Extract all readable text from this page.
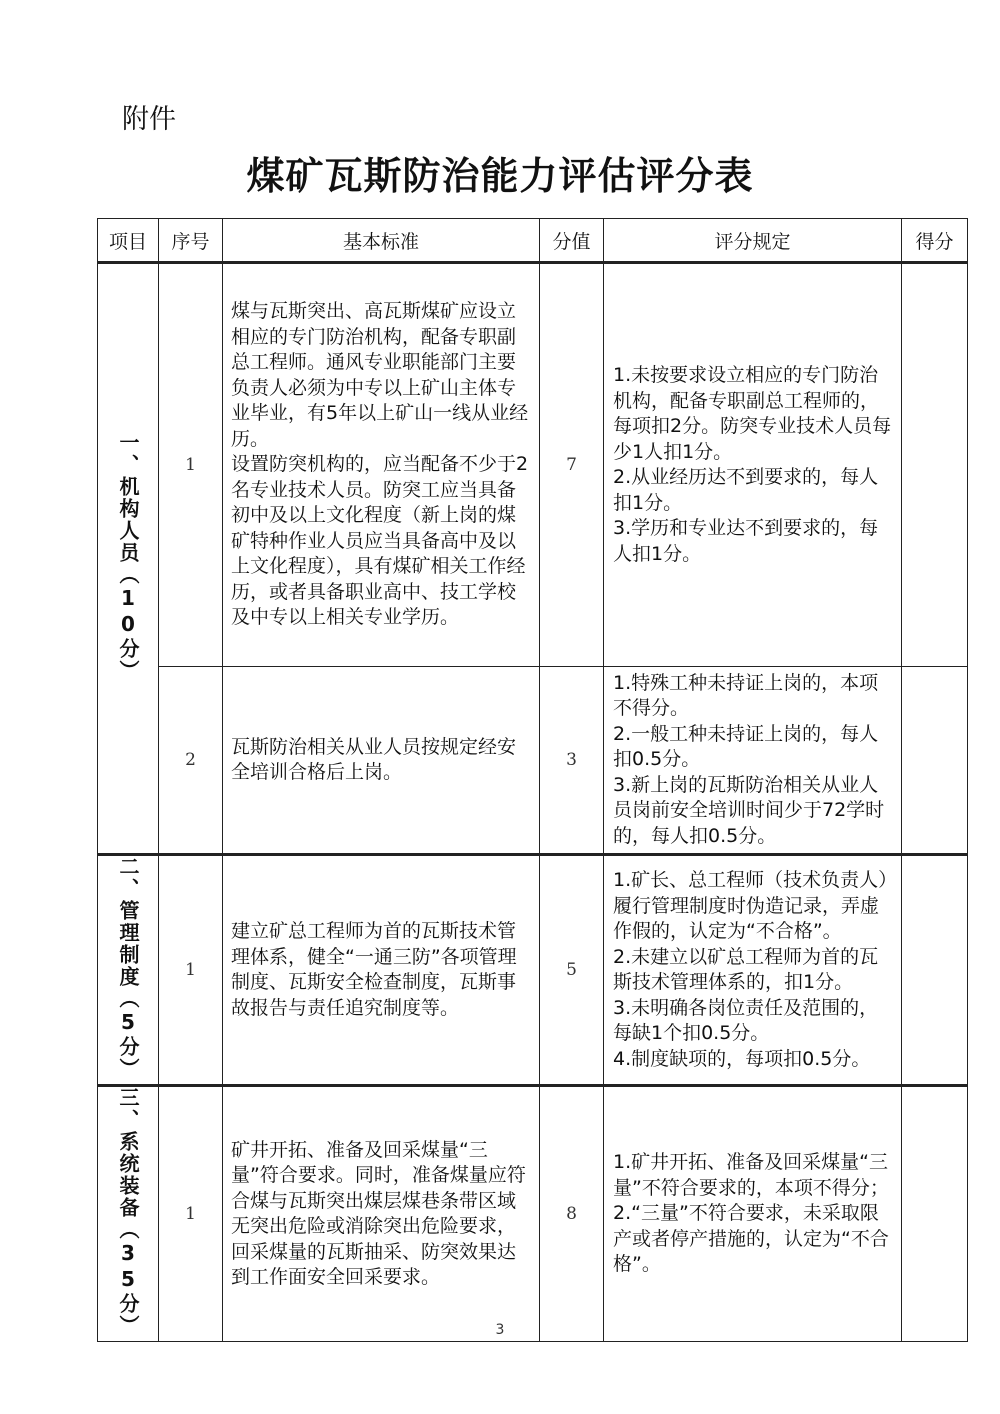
附件
煤矿瓦斯防治能力评估评分表
项目	序号	基本标准	分值	评分规定	得分
一、机构人员（10分）	1	煤与瓦斯突出、高瓦斯煤矿应设立相应的专门防治机构，配备专职副总工程师。通风专业职能部门主要负责人必须为中专以上矿山主体专业毕业，有5年以上矿山一线从业经历。
设置防突机构的，应当配备不少于2名专业技术人员。防突工应当具备初中及以上文化程度（新上岗的煤矿特种作业人员应当具备高中及以上文化程度），具有煤矿相关工作经历，或者具备职业高中、技工学校及中专以上相关专业学历。	7	1.未按要求设立相应的专门防治机构，配备专职副总工程师的，每项扣2分。防突专业技术人员每少1人扣1分。
2.从业经历达不到要求的，每人扣1分。
3.学历和专业达不到要求的，每人扣1分。	
	2	瓦斯防治相关从业人员按规定经安全培训合格后上岗。	3	1.特殊工种未持证上岗的，本项不得分。
2.一般工种未持证上岗的，每人扣0.5分。
3.新上岗的瓦斯防治相关从业人员岗前安全培训时间少于72学时的，每人扣0.5分。	
二、管理制度（5分）	1	建立矿总工程师为首的瓦斯技术管理体系，健全“一通三防”各项管理制度、瓦斯安全检查制度，瓦斯事故报告与责任追究制度等。	5	1.矿长、总工程师（技术负责人）履行管理制度时伪造记录，弄虚作假的，认定为“不合格”。
2.未建立以矿总工程师为首的瓦斯技术管理体系的，扣1分。
3.未明确各岗位责任及范围的，每缺1个扣0.5分。
4.制度缺项的，每项扣0.5分。	
三、系统装备（35分）	1	矿井开拓、准备及回采煤量“三量”符合要求。同时，准备煤量应符合煤与瓦斯突出煤层煤巷条带区域无突出危险或消除突出危险要求，回采煤量的瓦斯抽采、防突效果达到工作面安全回采要求。	8	1.矿井开拓、准备及回采煤量“三量”不符合要求的，本项不得分；
2.“三量”不符合要求，未采取限产或者停产措施的，认定为“不合格”。	
3
